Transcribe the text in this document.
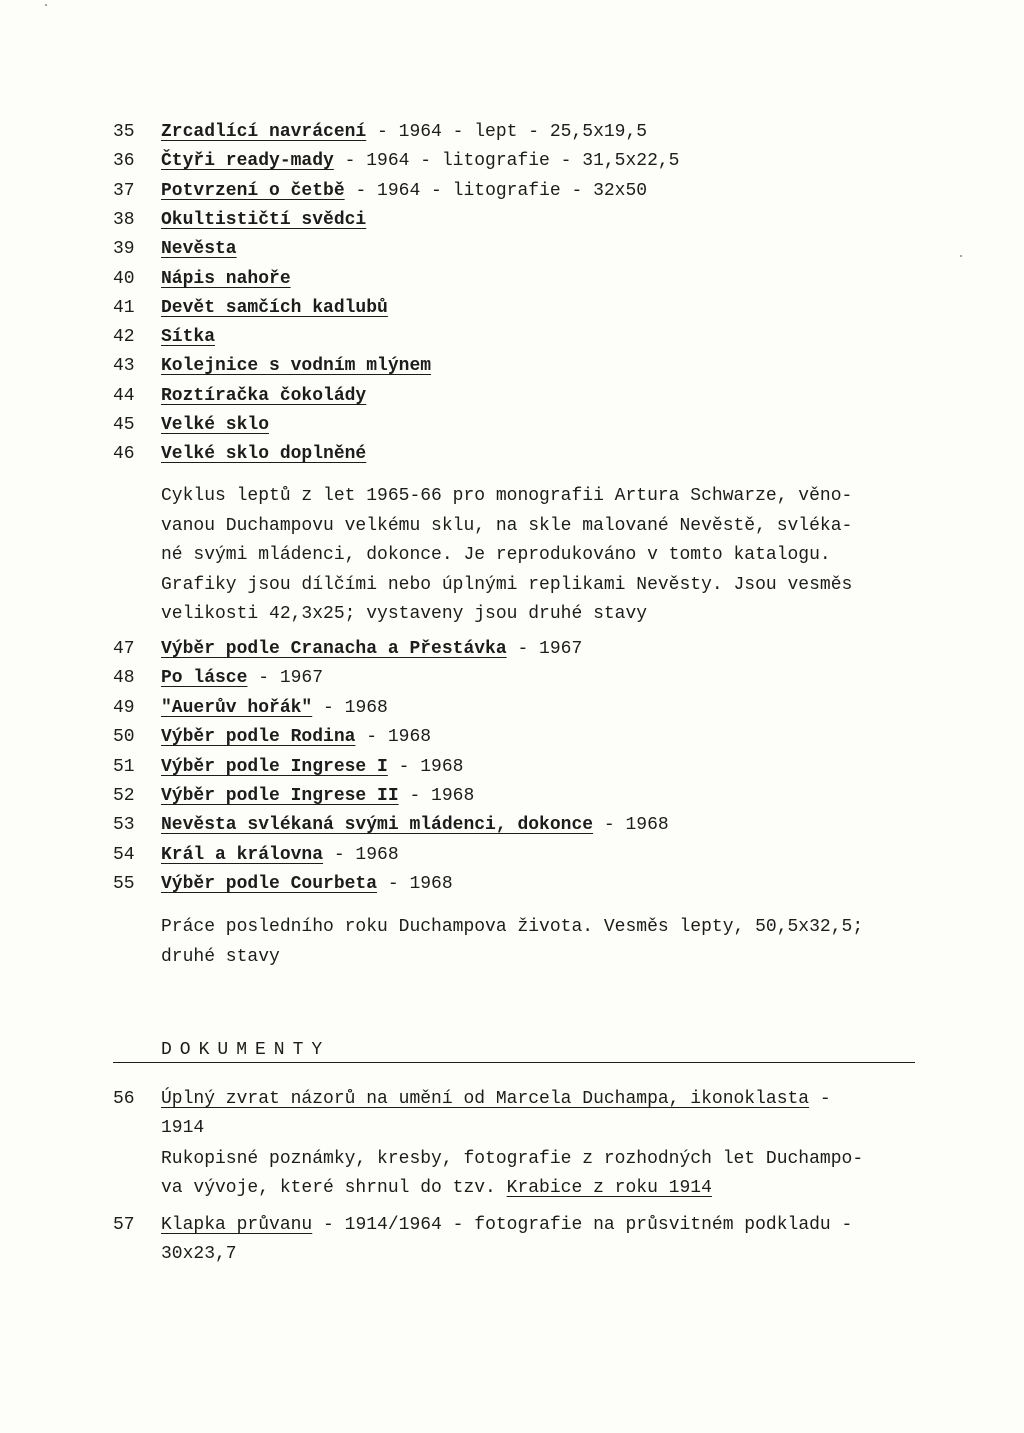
35	Zrcadlící navrácení - 1964 - lept - 25,5x19,5
36	Čtyři ready-mady - 1964 - litografie - 31,5x22,5
37	Potvrzení o četbě - 1964 - litografie - 32x50
38	Okultističtí svědci
39	Nevěsta
40	Nápis nahoře
41	Devět samčích kadlubů
42	Sítka
43	Kolejnice s vodním mlýnem
44	Roztíračka čokolády
45	Velké sklo
46	Velké sklo doplněné
Cyklus leptů z let 1965-66 pro monografii Artura Schwarze, věno-
vanou Duchampovu velkému sklu, na skle malované Nevěstě, svléka-
né svými mládenci, dokonce. Je reprodukováno v tomto katalogu.
Grafiky jsou dílčími nebo úplnými replikami Nevěsty. Jsou vesměs
velikosti 42,3x25; vystaveny jsou druhé stavy
47	Výběr podle Cranacha a Přestávka - 1967
48	Po lásce - 1967
49	"Auerův hořák" - 1968
50	Výběr podle Rodina - 1968
51	Výběr podle Ingrese I - 1968
52	Výběr podle Ingrese II - 1968
53	Nevěsta svlékaná svými mládenci, dokonce - 1968
54	Král a královna - 1968
55	Výběr podle Courbeta - 1968
Práce posledního roku Duchampova života. Vesměs lepty, 50,5x32,5;
druhé stavy
DOKUMENTY
56	Úplný zvrat názorů na umění od Marcela Duchampa, ikonoklasta -
1914
Rukopisné poznámky, kresby, fotografie z rozhodných let Duchampo-
va vývoje, které shrnul do tzv. Krabice z roku 1914
57	Klapka průvanu - 1914/1964 - fotografie na průsvitném podkladu -
30x23,7
